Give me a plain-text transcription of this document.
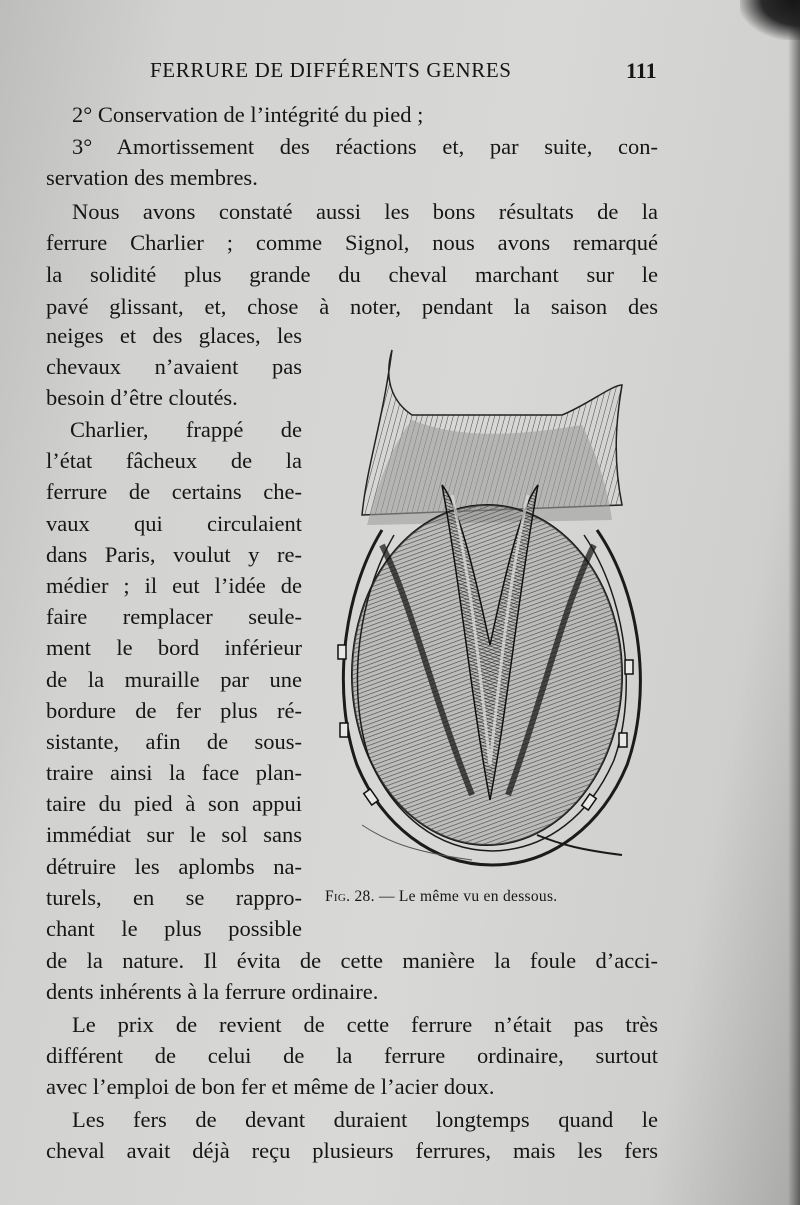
FERRURE DE DIFFÉRENTS GENRES	111
2° Conservation de l’intégrité du pied ;
3° Amortissement des réactions et, par suite, con-
servation des membres.
Nous avons constaté aussi les bons résultats de la
ferrure Charlier ; comme Signol, nous avons remarqué
la solidité plus grande du cheval marchant sur le
pavé glissant, et, chose à noter, pendant la saison des
neiges et des glaces, les
chevaux n’avaient pas
besoin d’être cloutés.
Charlier, frappé de
l’état fâcheux de la
ferrure de certains che-
vaux qui circulaient
dans Paris, voulut y re-
médier ; il eut l’idée de
faire remplacer seule-
ment le bord inférieur
de la muraille par une
bordure de fer plus ré-
sistante, afin de sous-
traire ainsi la face plan-
taire du pied à son appui
immédiat sur le sol sans
détruire les aplombs na-
turels, en se rappro-
chant le plus possible
de la nature. Il évita de cette manière la foule d’acci-
dents inhérents à la ferrure ordinaire.
Le prix de revient de cette ferrure n’était pas très
différent de celui de la ferrure ordinaire, surtout
avec l’emploi de bon fer et même de l’acier doux.
Les fers de devant duraient longtemps quand le
cheval avait déjà reçu plusieurs ferrures, mais les fers
Fig. 28. — Le même vu en dessous.
